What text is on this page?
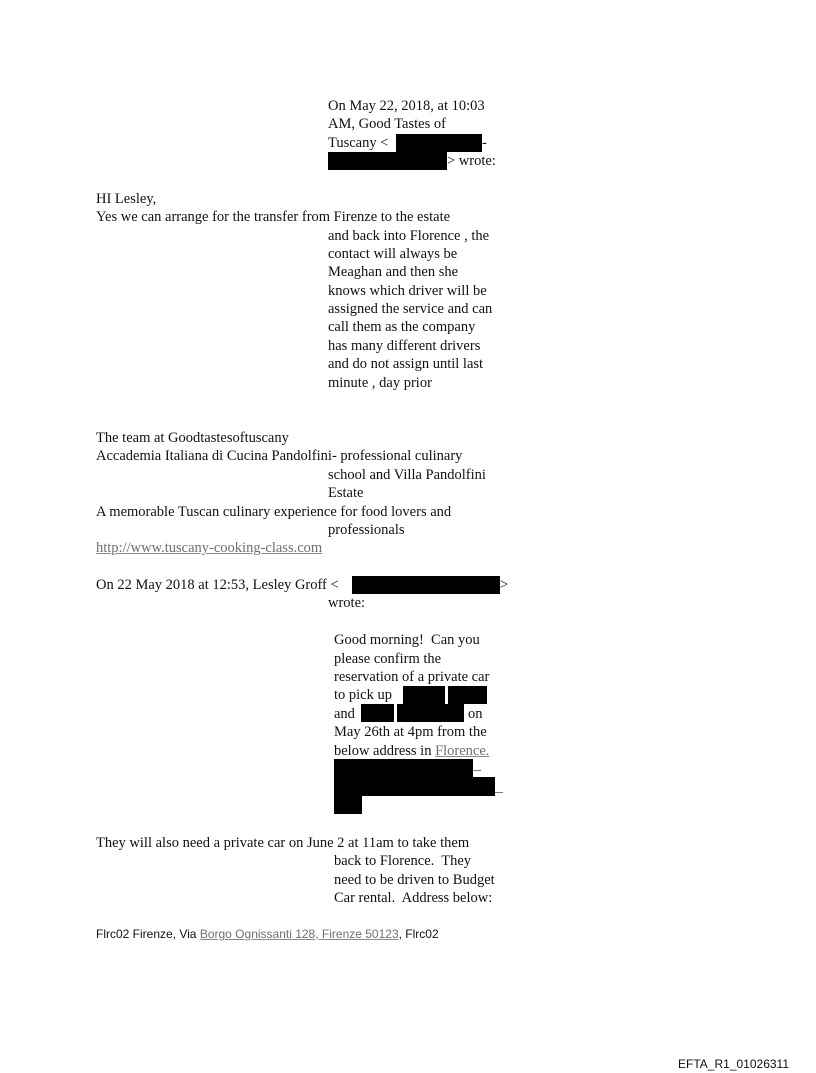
On May 22, 2018, at 10:03
AM, Good Tastes of
Tuscany <	-
> wrote:
HI Lesley,
Yes we can arrange for the transfer from Firenze to the estate
and back into Florence , the
contact will always be
Meaghan and then she
knows which driver will be
assigned the service and can
call them as the company
has many different drivers
and do not assign until last
minute , day prior
The team at Goodtastesoftuscany
Accademia Italiana di Cucina Pandolfini- professional culinary
school and Villa Pandolfini
Estate
A memorable Tuscan culinary experience for food lovers and
professionals
http://www.tuscany-cooking-class.com
On 22 May 2018 at 12:53, Lesley Groff <	>
wrote:
Good morning!  Can you
please confirm the
reservation of a private car
to pick up
and	on
May 26th at 4pm from the
below address in Florence.
They will also need a private car on June 2 at 11am to take them
back to Florence.  They
need to be driven to Budget
Car rental.  Address below:
Flrc02 Firenze, Via Borgo Ognissanti 128, Firenze 50123, Flrc02
EFTA_R1_01026311
